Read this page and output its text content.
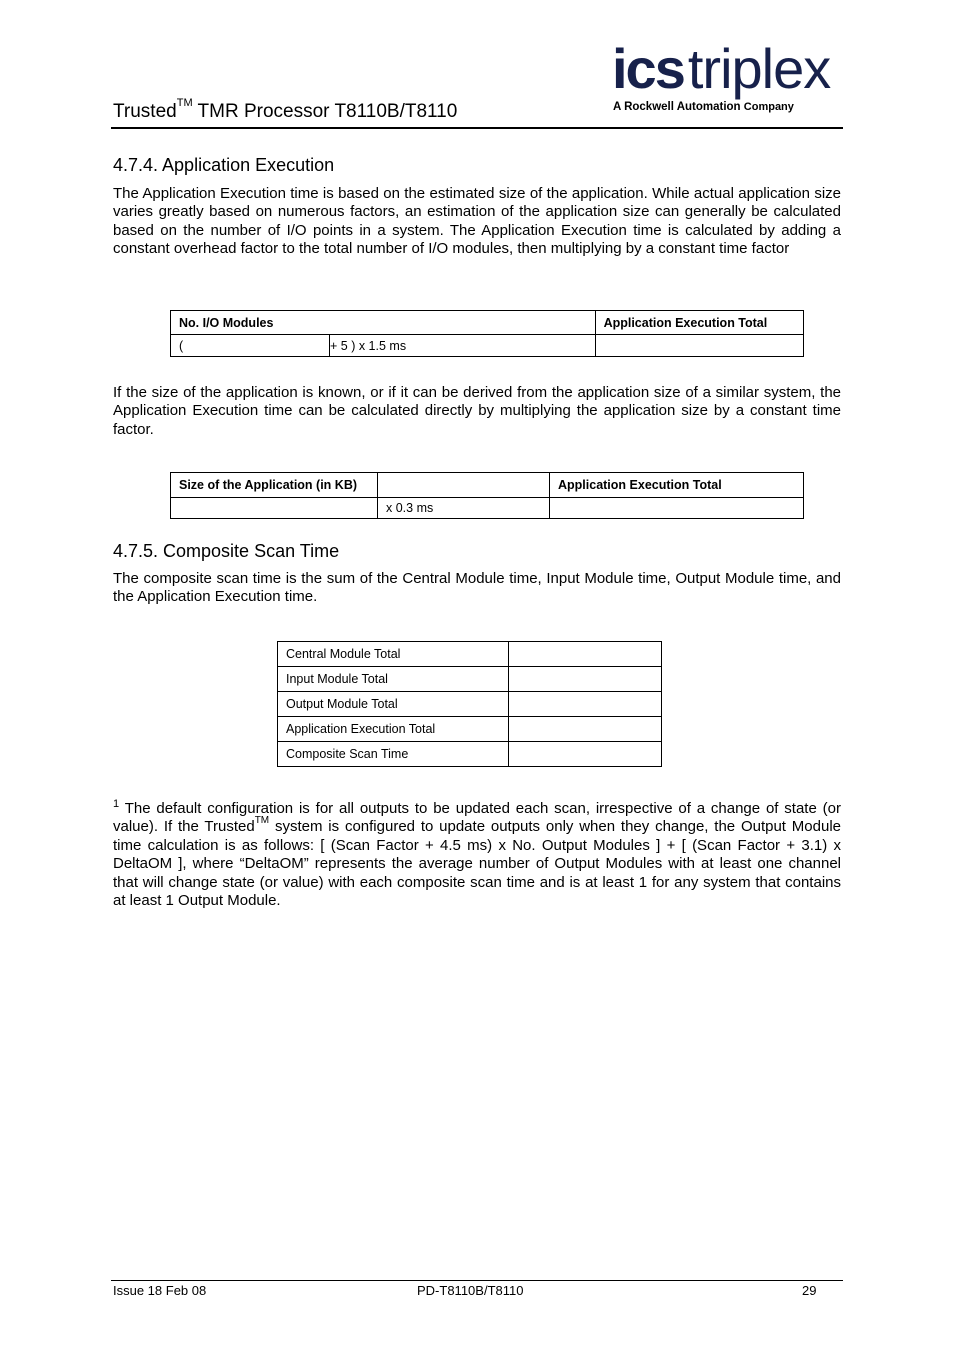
Trusted™ TMR Processor T8110B/T8110
icstriplex
A Rockwell Automation Company
4.7.4. Application Execution

The Application Execution time is based on the estimated size of the application. While actual application size varies greatly based on numerous factors, an estimation of the application size can generally be calculated based on the number of I/O points in a system. The Application Execution time is calculated by adding a constant overhead factor to the total number of I/O modules, then multiplying by a constant time factor

No. I/O Modules		Application Execution Total
(	+ 5 ) x 1.5 ms	

If the size of the application is known, or if it can be derived from the application size of a similar system, the Application Execution time can be calculated directly by multiplying the application size by a constant time factor.

Size of the Application (in KB)		Application Execution Total
	x 0.3 ms	
4.7.5. Composite Scan Time

The composite scan time is the sum of the Central Module time, Input Module time, Output Module time, and the Application Execution time.

Central Module Total	
Input Module Total	
Output Module Total	
Application Execution Total	
Composite Scan Time	
$^1$ The default configuration is for all outputs to be updated each scan, irrespective of a change of state (or value). If the Trusted™ system is configured to update outputs only when they change, the Output Module time calculation is as follows: [ (Scan Factor + 4.5 ms) x No. Output Modules ] + [ (Scan Factor + 3.1) x DeltaOM ], where “DeltaOM” represents the average number of Output Modules with at least one channel that will change state (or value) with each composite scan time and is at least 1 for any system that contains at least 1 Output Module.
Issue 18 Feb 08	PD-T8110B/T8110	29
